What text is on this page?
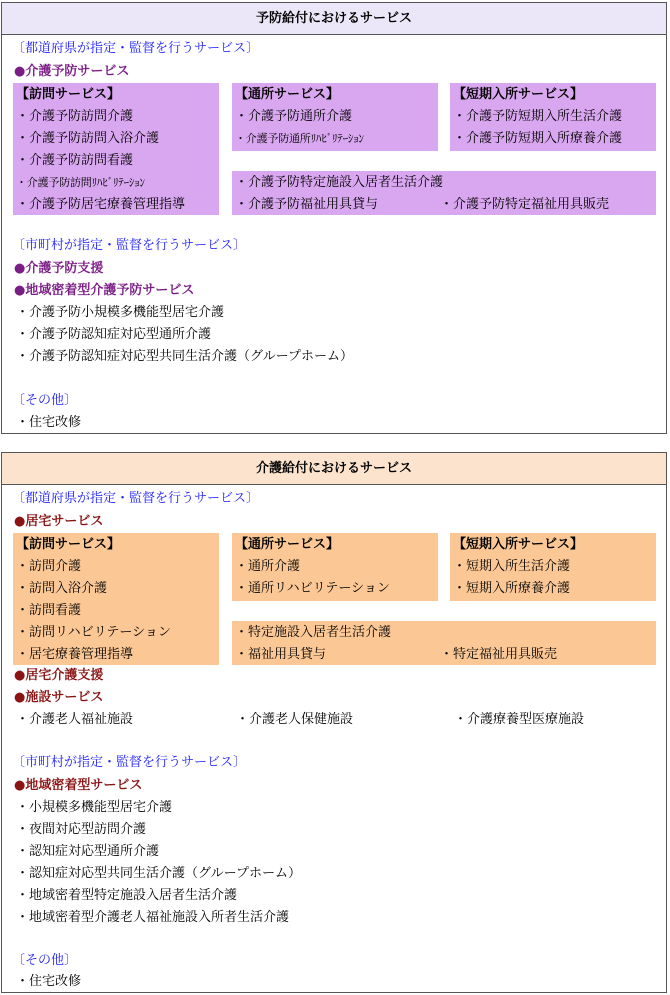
予防給付におけるサービス
〔都道府県が指定・監督を行うサービス〕
●介護予防サービス
【訪問サービス】
・介護予防訪問介護
・介護予防訪問入浴介護
・介護予防訪問看護
・介護予防訪問ﾘﾊﾋﾞﾘﾃｰｼｮﾝ
・介護予防居宅療養管理指導
【通所サービス】
・介護予防通所介護
・介護予防通所ﾘﾊﾋﾞﾘﾃｰｼｮﾝ
【短期入所サービス】
・介護予防短期入所生活介護
・介護予防短期入所療養介護
・介護予防特定施設入居者生活介護
・介護予防福祉用具貸与	・介護予防特定福祉用具販売
〔市町村が指定・監督を行うサービス〕
●介護予防支援
●地域密着型介護予防サービス
・介護予防小規模多機能型居宅介護
・介護予防認知症対応型通所介護
・介護予防認知症対応型共同生活介護（グループホーム）
〔その他〕
・住宅改修
介護給付におけるサービス
〔都道府県が指定・監督を行うサービス〕
●居宅サービス
【訪問サービス】
・訪問介護
・訪問入浴介護
・訪問看護
・訪問リハビリテーション
・居宅療養管理指導
【通所サービス】
・通所介護
・通所リハビリテーション
【短期入所サービス】
・短期入所生活介護
・短期入所療養介護
・特定施設入居者生活介護
・福祉用具貸与	・特定福祉用具販売
●居宅介護支援
●施設サービス
・介護老人福祉施設	・介護老人保健施設	・介護療養型医療施設
〔市町村が指定・監督を行うサービス〕
●地域密着型サービス
・小規模多機能型居宅介護
・夜間対応型訪問介護
・認知症対応型通所介護
・認知症対応型共同生活介護（グループホーム）
・地域密着型特定施設入居者生活介護
・地域密着型介護老人福祉施設入所者生活介護
〔その他〕
・住宅改修
